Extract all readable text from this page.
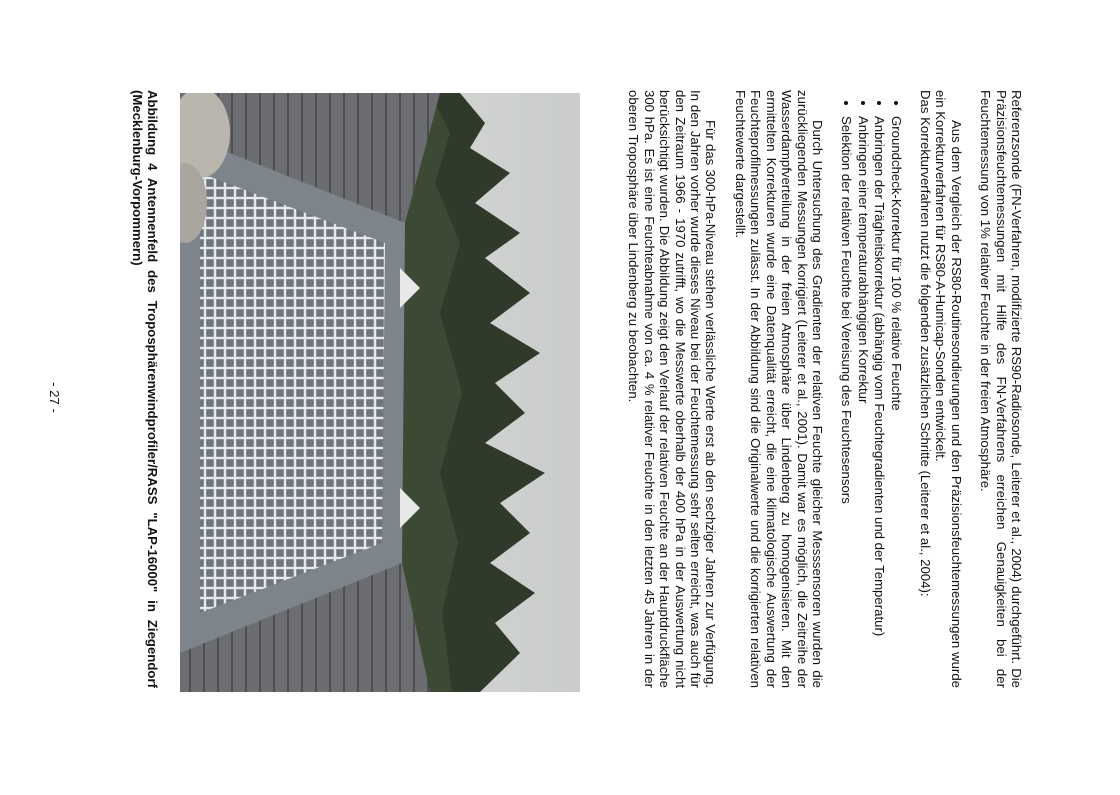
Referenzsonde (FN-Verfahren, modifizierte RS90-Radiosonde, Leiterer et al., 2004) durchgeführt. Die Präzisionsfeuchtemessungen mit Hilfe des FN-Verfahrens erreichen Genauigkeiten bei der Feuchtemessung von 1% relativer Feuchte in der freien Atmosphäre.

Aus dem Vergleich der RS80-Routinesondierungen und den Präzisionsfeuchtemessungen wurde ein Korrekturverfahren für RS80-A-Humicap-Sonden entwickelt.

Das Korrekturverfahren nutzt die folgenden zusätzlichen Schritte (Leiterer et al., 2004):

• Groundcheck-Korrektur für 100 % relative Feuchte
• Anbringen der Trägheitskorrektur (abhängig vom Feuchtegradienten und der Temperatur)
• Anbringen einer temperaturabhängigen Korrektur
• Selektion der relativen Feuchte bei Vereisung des Feuchtesensors

Durch Untersuchung des Gradienten der relativen Feuchte gleicher Messsensoren wurden die zurückliegenden Messungen korrigiert (Leiterer et al., 2001). Damit war es möglich, die Zeitreihe der Wasserdampfverteilung in der freien Atmosphäre über Lindenberg zu homogenisieren. Mit den ermittelten Korrekturen wurde eine Datenqualität erreicht, die eine klimatologische Auswertung der Feuchteprofilmessungen zulässt. In der Abbildung sind die Originalwerte und die korrigierten relativen Feuchtewerte dargestellt.

Für das 300-hPa-Niveau stehen verlässliche Werte erst ab den sechziger Jahren zur Verfügung. In den Jahren vorher wurde dieses Niveau bei der Feuchtemessung sehr selten erreicht, was auch für den Zeitraum 1966 - 1970 zutrifft, wo die Messwerte oberhalb der 400 hPa in der Auswertung nicht berücksichtigt wurden. Die Abbildung zeigt den Verlauf der relativen Feuchte an der Hauptdruckfläche 300 hPa. Es ist eine Feuchteabnahme von ca. 4 % relativer Feuchte in den letzten 45 Jahren in der oberen Troposphäre über Lindenberg zu beobachten.

Abbildung 4 Antennenfeld des Troposphärenwindprofiler/RASS "LAP-16000" in Ziegendorf (Mecklenburg-Vorpommern)
- 27 -
